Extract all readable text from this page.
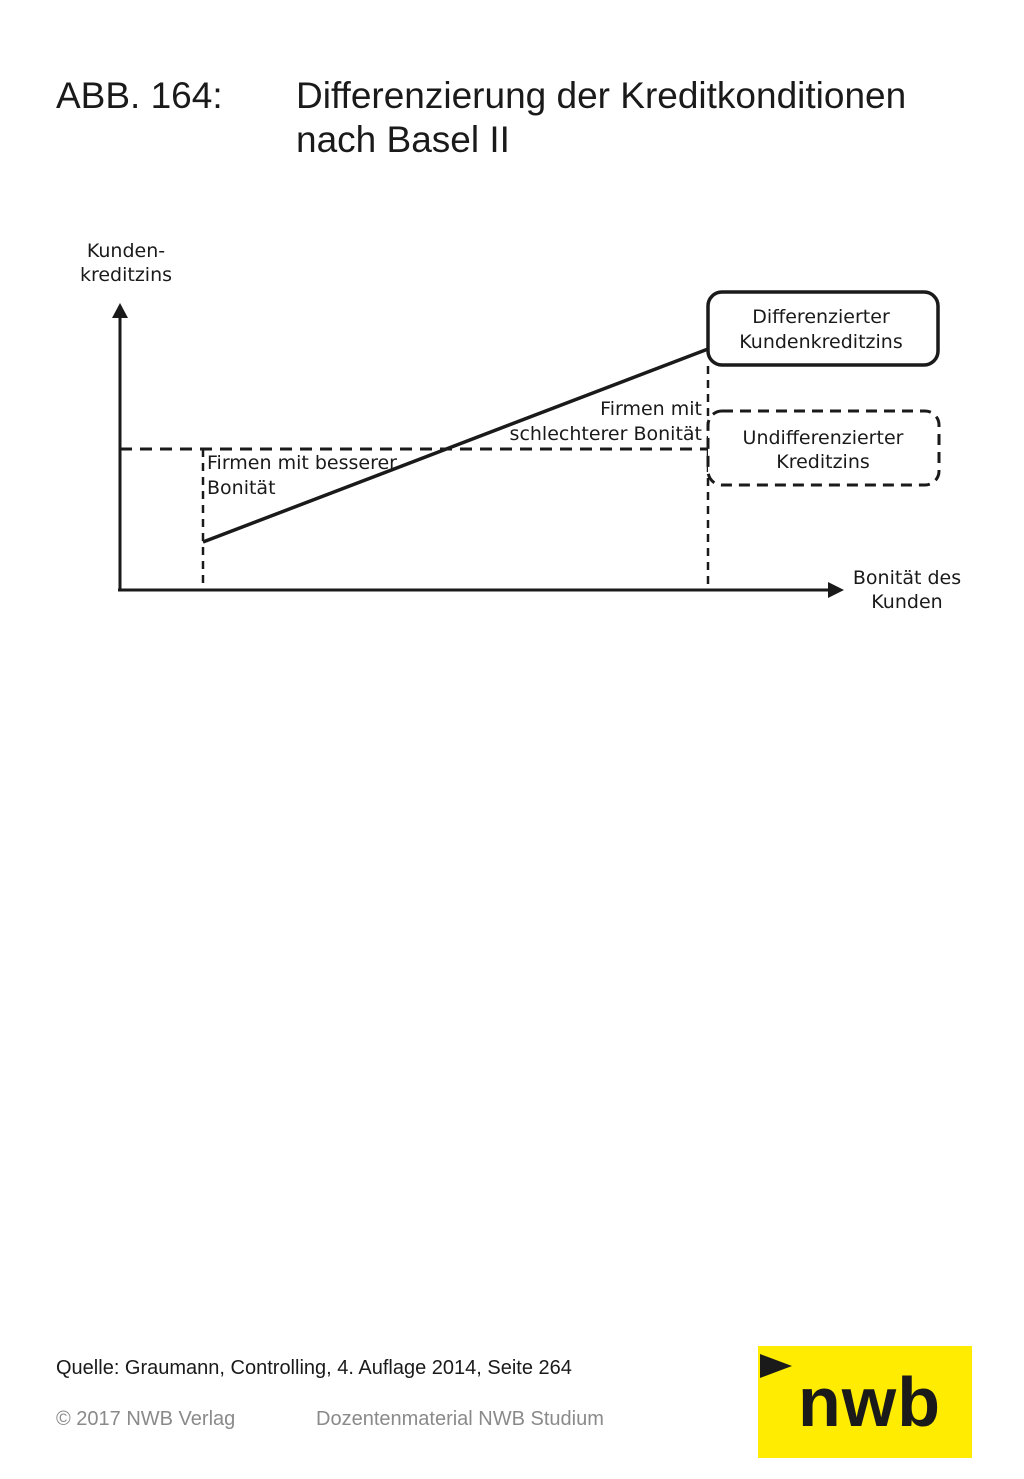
ABB. 164: Differenzierung der Kreditkonditionen
nach Basel II
Differenzierter
Kundenkreditzins
Undifferenzierter
Kreditzins
Kunden-
kreditzins
Bonität des
Kunden
Firmen mit besserer
Bonität
Firmen mit
schlechterer Bonität
Quelle: Graumann, Controlling, 4. Auflage 2014, Seite 264
© 2017 NWB Verlag	Dozentenmaterial NWB Studium	nwb
